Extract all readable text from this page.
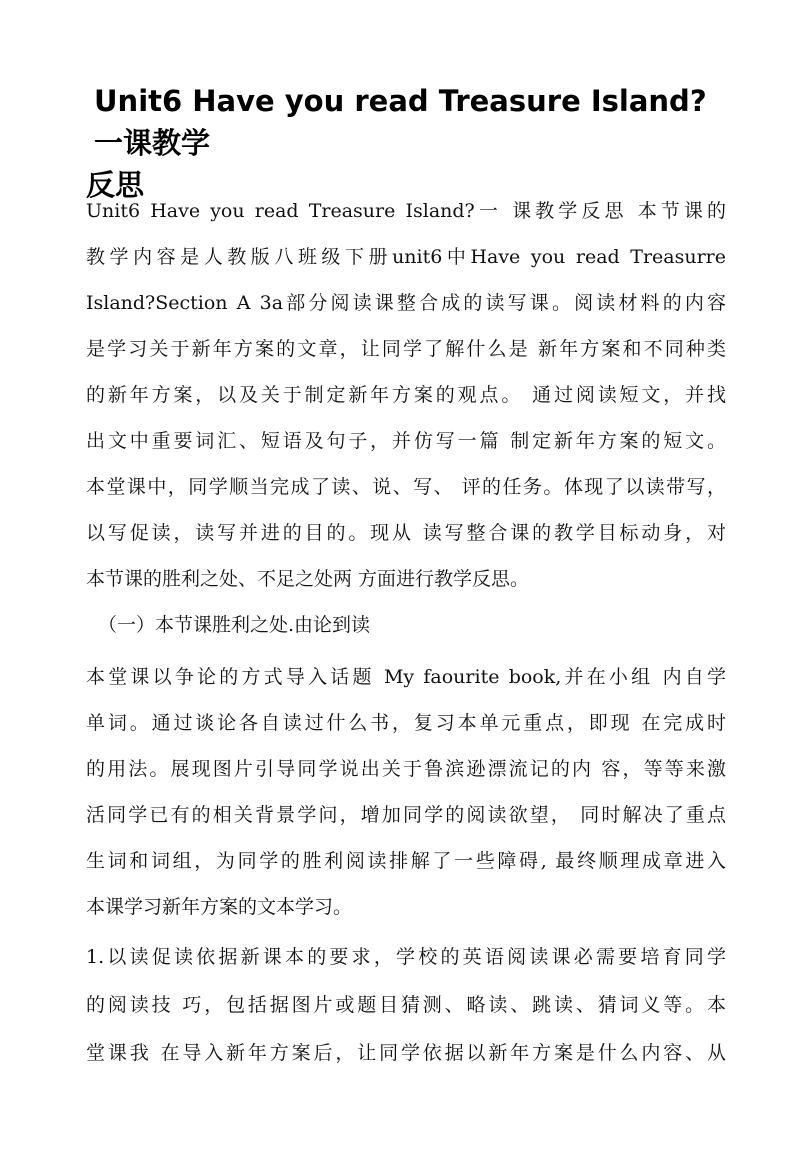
Unit6 Have you read Treasure Island?一课教学
反思
Unit6 Have you read Treasure Island?一 课教学反思 本节课的
教学内容是人教版八班级下册unit6中Have you read Treasurre
Island?Section A 3a部分阅读课整合成的读写课。阅读材料的内容
是学习关于新年方案的文章，让同学了解什么是 新年方案和不同种类
的新年方案，以及关于制定新年方案的观点。 通过阅读短文，并找
出文中重要词汇、短语及句子，并仿写一篇 制定新年方案的短文。
本堂课中，同学顺当完成了读、说、写、 评的任务。体现了以读带写，
以写促读，读写并进的目的。现从 读写整合课的教学目标动身，对
本节课的胜利之处、不足之处两 方面进行教学反思。
（一）本节课胜利之处.由论到读
本堂课以争论的方式导入话题 My faourite book,并在小组 内自学
单词。通过谈论各自读过什么书，复习本单元重点，即现 在完成时
的用法。展现图片引导同学说出关于鲁滨逊漂流记的内 容，等等来激
活同学已有的相关背景学问，增加同学的阅读欲望， 同时解决了重点
生词和词组，为同学的胜利阅读排解了一些障碍, 最终顺理成章进入
本课学习新年方案的文本学习。
1.以读促读依据新课本的要求，学校的英语阅读课必需要培育同学
的阅读技 巧，包括据图片或题目猜测、略读、跳读、猜词义等。本
堂课我 在导入新年方案后，让同学依据以新年方案是什么内容、从
